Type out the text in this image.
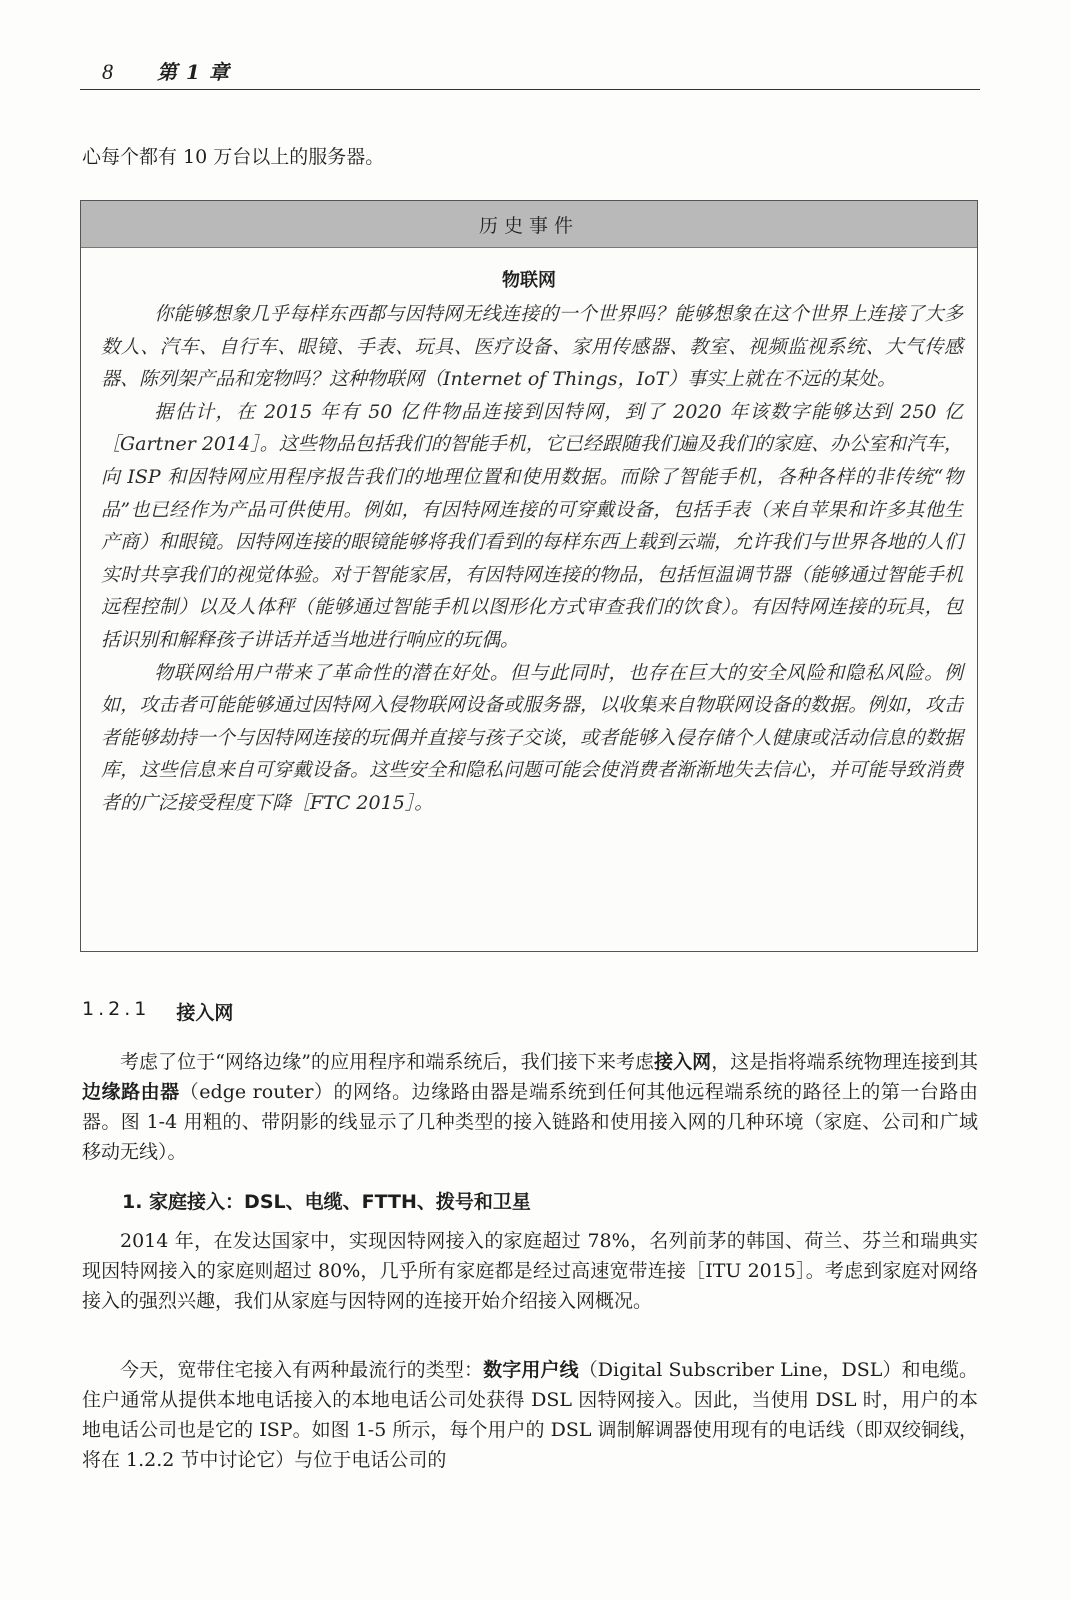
8	第 1 章

心每个都有 10 万台以上的服务器。

历史事件
物联网

你能够想象几乎每样东西都与因特网无线连接的一个世界吗？能够想象在这个世界上连接了大多数人、汽车、自行车、眼镜、手表、玩具、医疗设备、家用传感器、教室、视频监视系统、大气传感器、陈列架产品和宠物吗？这种物联网（Internet of Things，IoT）事实上就在不远的某处。

据估计，在 2015 年有 50 亿件物品连接到因特网，到了 2020 年该数字能够达到 250 亿［Gartner 2014］。这些物品包括我们的智能手机，它已经跟随我们遍及我们的家庭、办公室和汽车，向 ISP 和因特网应用程序报告我们的地理位置和使用数据。而除了智能手机，各种各样的非传统“物品”也已经作为产品可供使用。例如，有因特网连接的可穿戴设备，包括手表（来自苹果和许多其他生产商）和眼镜。因特网连接的眼镜能够将我们看到的每样东西上载到云端，允许我们与世界各地的人们实时共享我们的视觉体验。对于智能家居，有因特网连接的物品，包括恒温调节器（能够通过智能手机远程控制）以及人体秤（能够通过智能手机以图形化方式审查我们的饮食）。有因特网连接的玩具，包括识别和解释孩子讲话并适当地进行响应的玩偶。

物联网给用户带来了革命性的潜在好处。但与此同时，也存在巨大的安全风险和隐私风险。例如，攻击者可能能够通过因特网入侵物联网设备或服务器，以收集来自物联网设备的数据。例如，攻击者能够劫持一个与因特网连接的玩偶并直接与孩子交谈，或者能够入侵存储个人健康或活动信息的数据库，这些信息来自可穿戴设备。这些安全和隐私问题可能会使消费者渐渐地失去信心，并可能导致消费者的广泛接受程度下降［FTC 2015］。

1.2.1 接入网

考虑了位于“网络边缘”的应用程序和端系统后，我们接下来考虑接入网，这是指将端系统物理连接到其边缘路由器（edge router）的网络。边缘路由器是端系统到任何其他远程端系统的路径上的第一台路由器。图 1-4 用粗的、带阴影的线显示了几种类型的接入链路和使用接入网的几种环境（家庭、公司和广域移动无线）。

1. 家庭接入：DSL、电缆、FTTH、拨号和卫星

2014 年，在发达国家中，实现因特网接入的家庭超过 78%，名列前茅的韩国、荷兰、芬兰和瑞典实现因特网接入的家庭则超过 80%，几乎所有家庭都是经过高速宽带连接［ITU 2015］。考虑到家庭对网络接入的强烈兴趣，我们从家庭与因特网的连接开始介绍接入网概况。

今天，宽带住宅接入有两种最流行的类型：数字用户线（Digital Subscriber Line，DSL）和电缆。住户通常从提供本地电话接入的本地电话公司处获得 DSL 因特网接入。因此，当使用 DSL 时，用户的本地电话公司也是它的 ISP。如图 1-5 所示，每个用户的 DSL 调制解调器使用现有的电话线（即双绞铜线，将在 1.2.2 节中讨论它）与位于电话公司的
